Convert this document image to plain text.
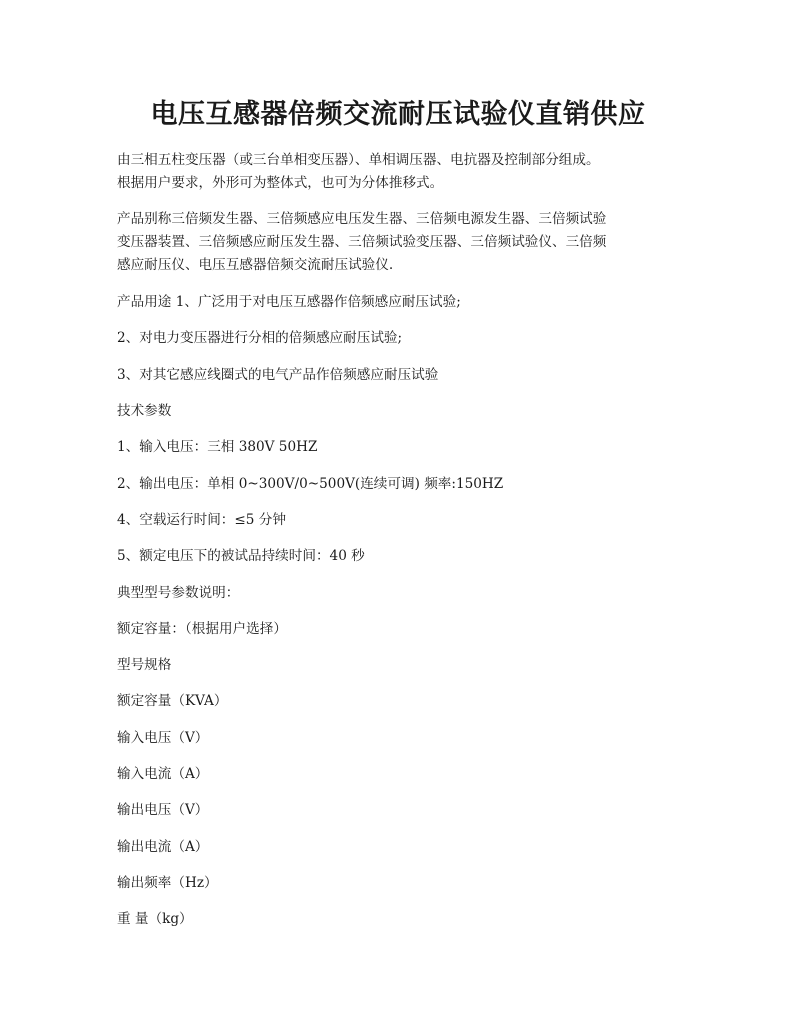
电压互感器倍频交流耐压试验仪直销供应

由三相五柱变压器（或三台单相变压器）、单相调压器、电抗器及控制部分组成。

根据用户要求，外形可为整体式，也可为分体推移式。

产品别称三倍频发生器、三倍频感应电压发生器、三倍频电源发生器、三倍频试验

变压器装置、三倍频感应耐压发生器、三倍频试验变压器、三倍频试验仪、三倍频

感应耐压仪、电压互感器倍频交流耐压试验仪.

产品用途 1、广泛用于对电压互感器作倍频感应耐压试验;

2、对电力变压器进行分相的倍频感应耐压试验;

3、对其它感应线圈式的电气产品作倍频感应耐压试验

技术参数

1、输入电压：三相 380V 50HZ

2、输出电压：单相 0~300V/0~500V(连续可调) 频率:150HZ

4、空载运行时间：≤5 分钟

5、额定电压下的被试品持续时间：40 秒

典型型号参数说明：

额定容量：（根据用户选择）

型号规格

额定容量（KVA）

输入电压（V）

输入电流（A）

输出电压（V）

输出电流（A）

输出频率（Hz）

重 量（kg）
